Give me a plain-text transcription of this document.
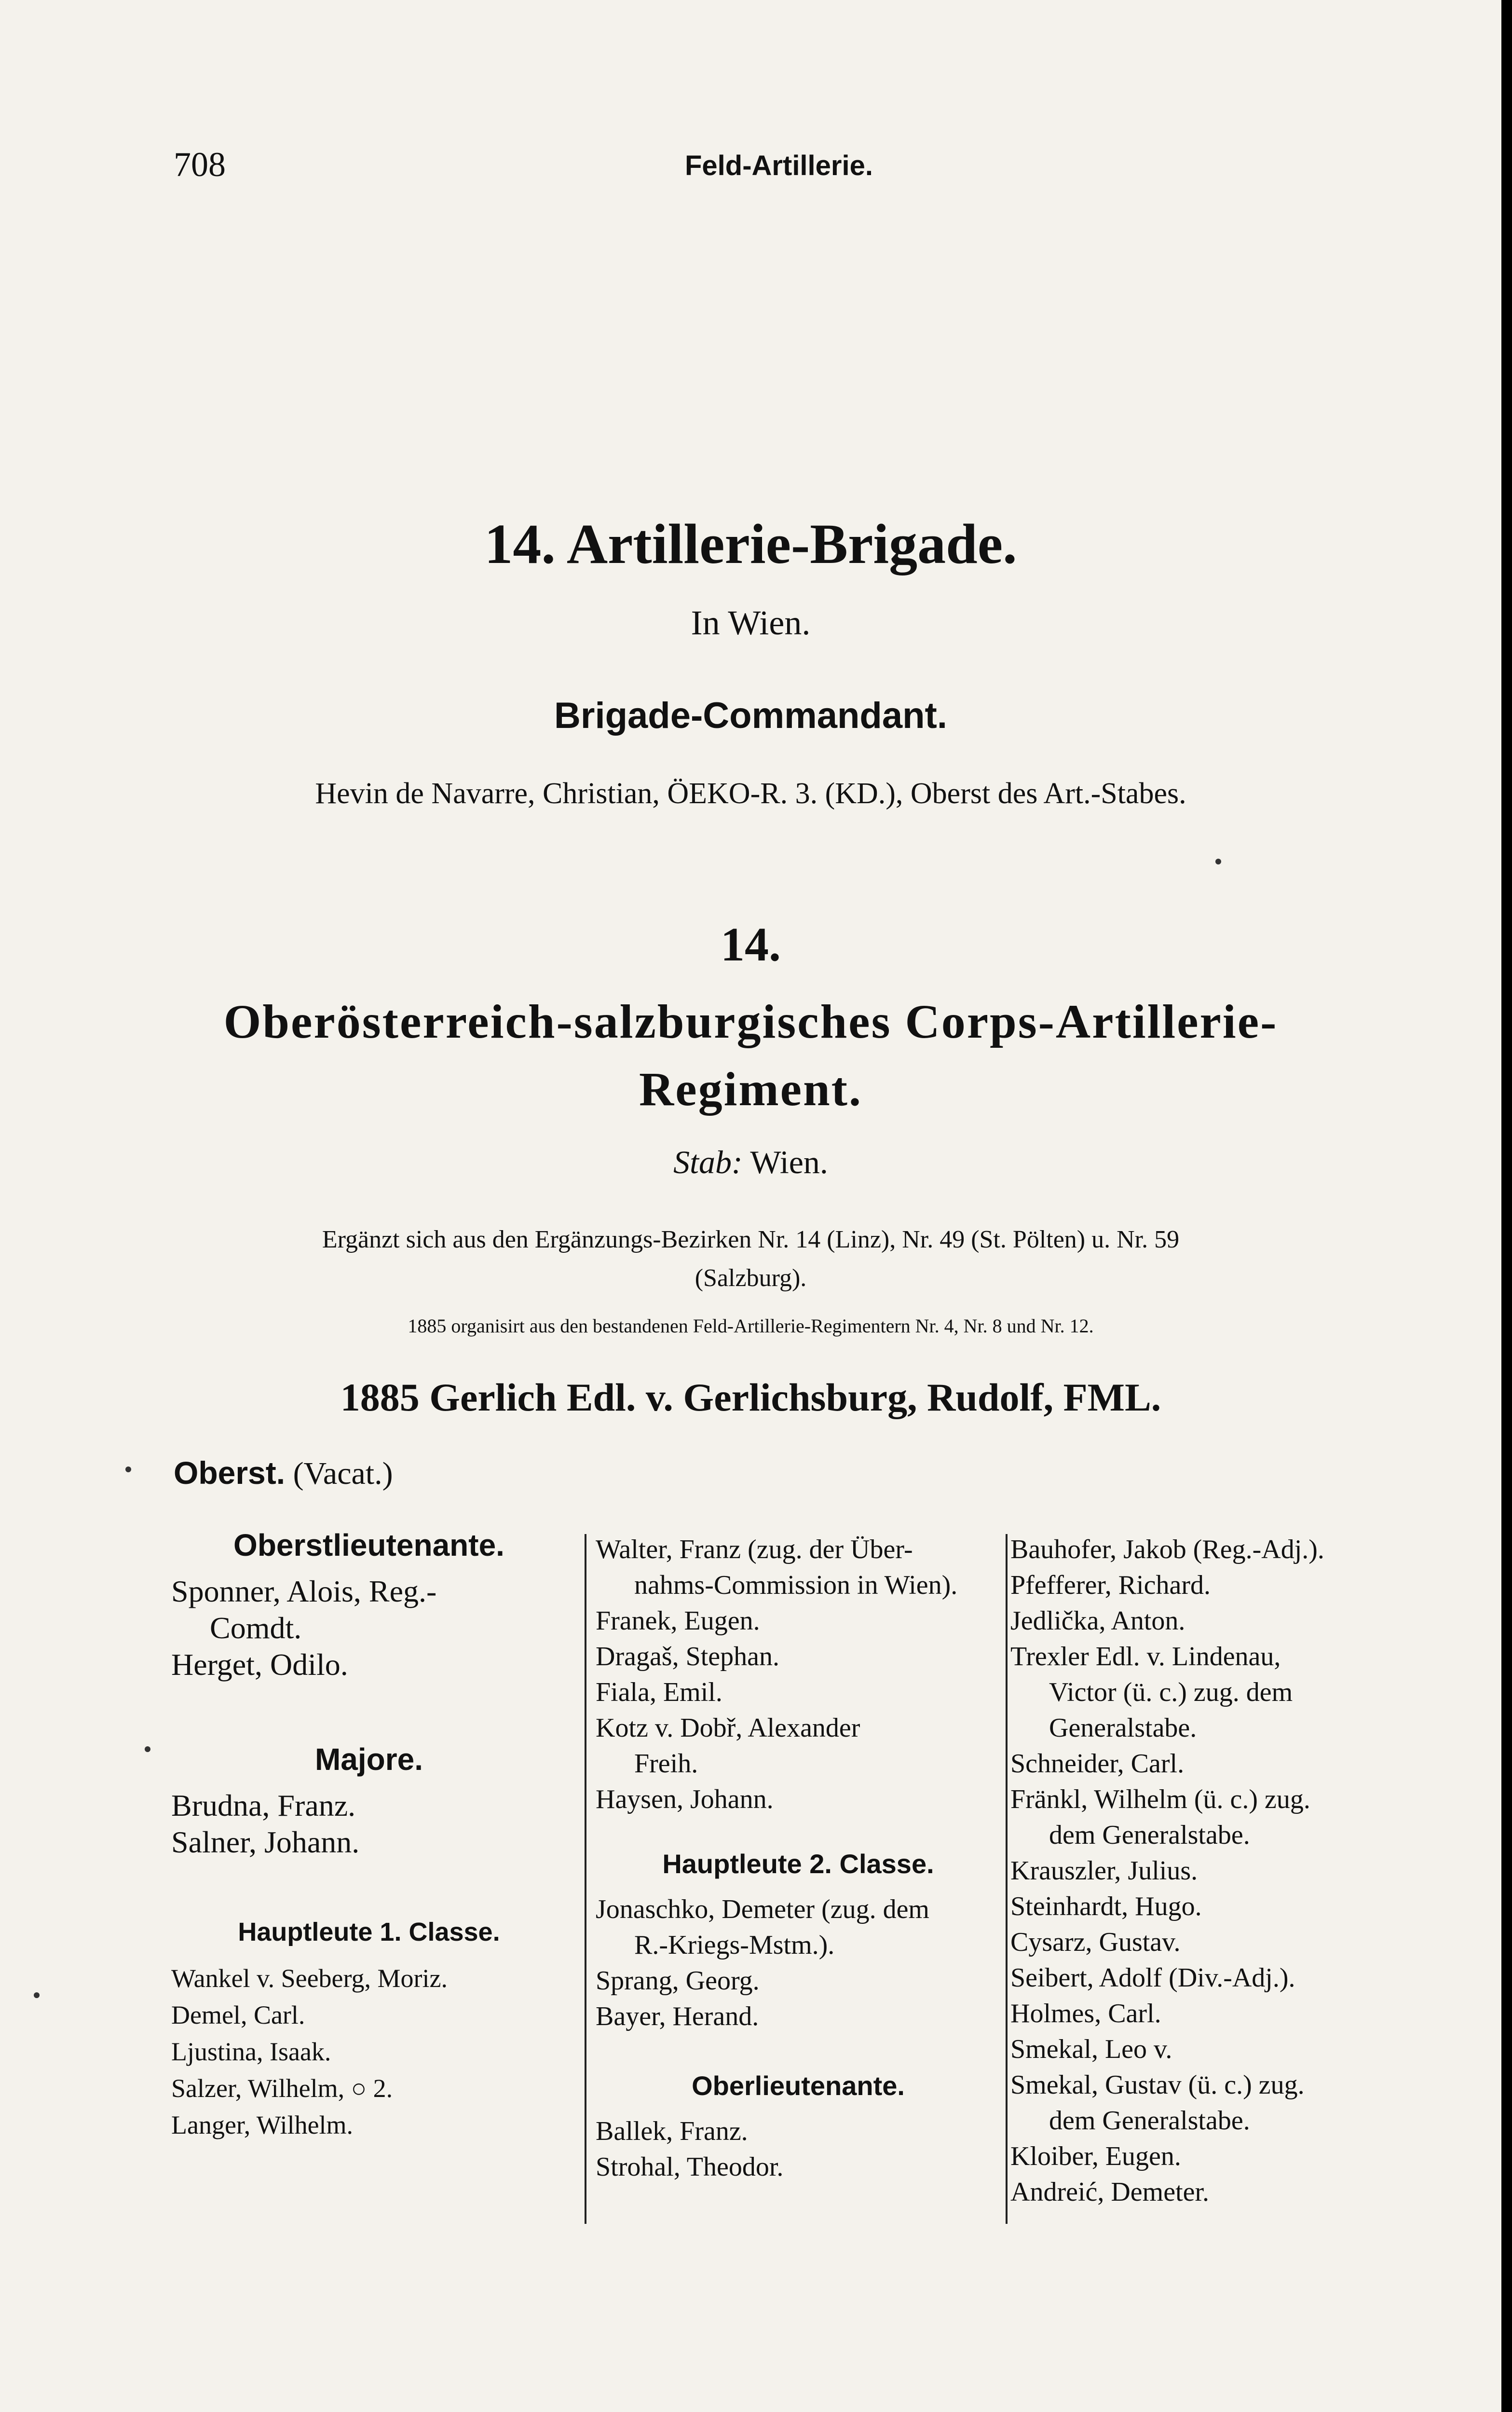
708	Feld-Artillerie.
14. Artillerie-Brigade.
In Wien.
Brigade-Commandant.
Hevin de Navarre, Christian, ÖEKO-R. 3. (KD.), Oberst des Art.-Stabes.
14.
Oberösterreich-salzburgisches Corps-Artillerie-
Regiment.
Stab: Wien.
Ergänzt sich aus den Ergänzungs-Bezirken Nr. 14 (Linz), Nr. 49 (St. Pölten) u. Nr. 59
(Salzburg).
1885 organisirt aus den bestandenen Feld-Artillerie-Regimentern Nr. 4, Nr. 8 und Nr. 12.
1885 Gerlich Edl. v. Gerlichsburg, Rudolf, FML.
Oberst. (Vacat.)
Oberstlieutenante.
Sponner, Alois, Reg.-
Comdt.
Herget, Odilo.
Majore.
Brudna, Franz.
Salner, Johann.
Hauptleute 1. Classe.
Wankel v. Seeberg, Moriz.
Demel, Carl.
Ljustina, Isaak.
Salzer, Wilhelm, ○ 2.
Langer, Wilhelm.
Walter, Franz (zug. der Über-
nahms-Commission in Wien).
Franek, Eugen.
Dragaš, Stephan.
Fiala, Emil.
Kotz v. Dobř, Alexander
Freih.
Haysen, Johann.
Hauptleute 2. Classe.
Jonaschko, Demeter (zug. dem
R.-Kriegs-Mstm.).
Sprang, Georg.
Bayer, Herand.
Oberlieutenante.
Ballek, Franz.
Strohal, Theodor.
Bauhofer, Jakob (Reg.-Adj.).
Pfefferer, Richard.
Jedlička, Anton.
Trexler Edl. v. Lindenau,
Victor (ü. c.) zug. dem
Generalstabe.
Schneider, Carl.
Fränkl, Wilhelm (ü. c.) zug.
dem Generalstabe.
Krauszler, Julius.
Steinhardt, Hugo.
Cysarz, Gustav.
Seibert, Adolf (Div.-Adj.).
Holmes, Carl.
Smekal, Leo v.
Smekal, Gustav (ü. c.) zug.
dem Generalstabe.
Kloiber, Eugen.
Andreić, Demeter.
